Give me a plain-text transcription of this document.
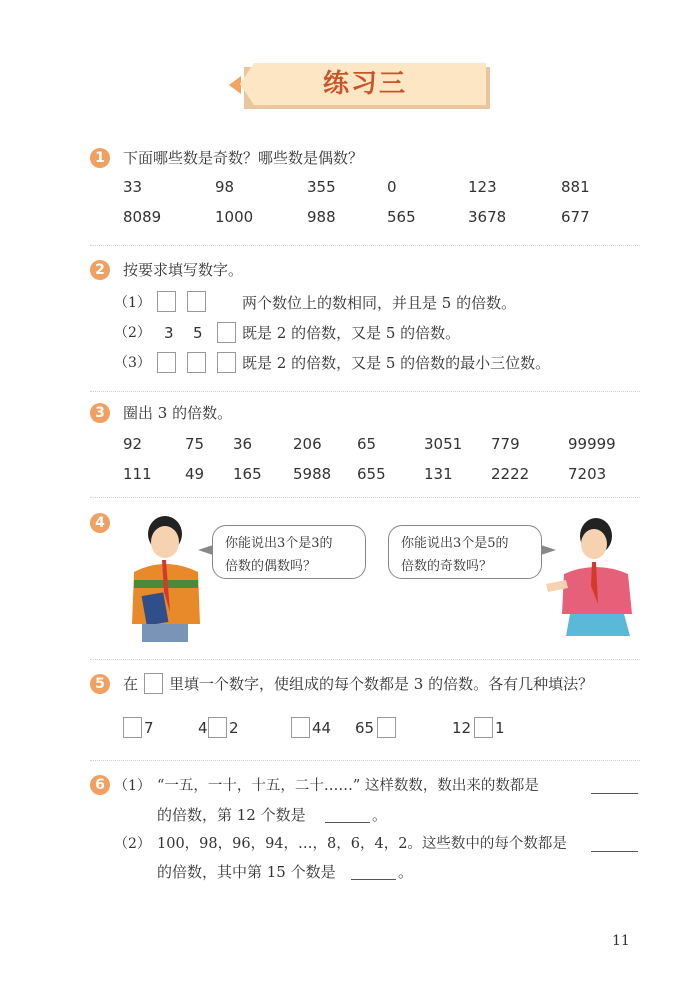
练习三
1	下面哪些数是奇数？哪些数是偶数？
33	98	355	0	123	881
8089	1000	988	565	3678	677
2	按要求填写数字。
（1）	两个数位上的数相同，并且是 5 的倍数。
（2） 3 5	既是 2 的倍数，又是 5 的倍数。
（3）	既是 2 的倍数，又是 5 的倍数的最小三位数。
3	圈出 3 的倍数。
92	75 36	206 65	3051 779	99999
111 49 165 5988 655	131	2222	7203
4
你能说出3个是3的
倍数的偶数吗？
你能说出3个是5的
倍数的奇数吗？
5	在 里填一个数字，使组成的每个数都是 3 的倍数。各有几种填法？
7	4 2	44 65	12 1
6 （1） “一五，一十，十五，二十……” 这样数数，数出来的数都是
的倍数，第 12 个数是	。
（2） 100，98，96，94，…，8，6，4，2。这些数中的每个数都是
的倍数，其中第 15 个数是	。
11
